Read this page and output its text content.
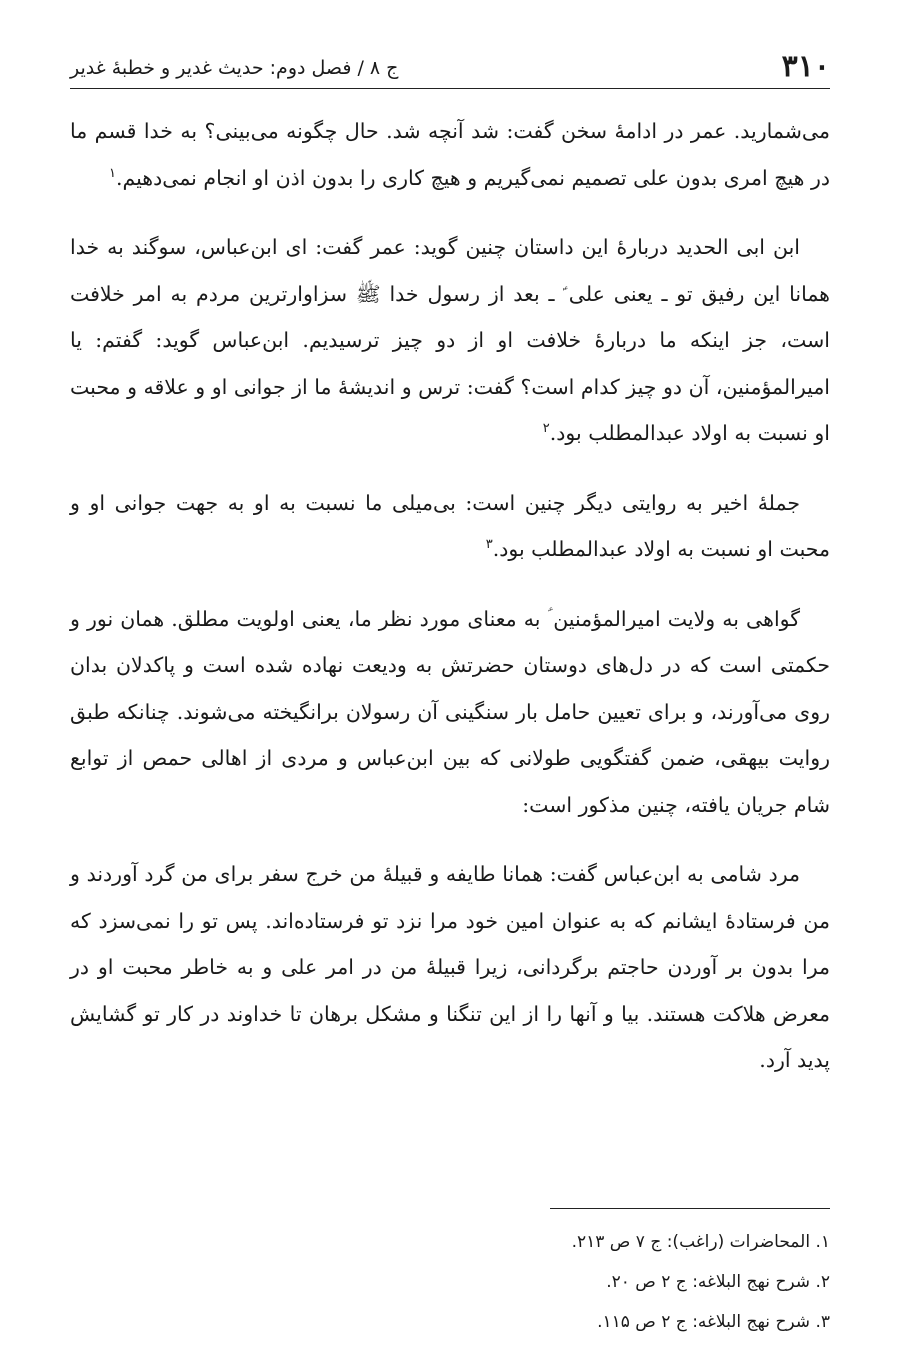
۳۱۰
ج ۸ / فصل دوم: حدیث غدیر و خطبهٔ غدیر

می‌شمارید. عمر در ادامهٔ سخن گفت: شد آنچه شد. حال چگونه می‌بینی؟ به خدا قسم ما در هیچ امری بدون علی تصمیم نمی‌گیریم و هیچ کاری را بدون اذن او انجام نمی‌دهیم.$^۱$

ابن ابی الحدید دربارهٔ این داستان چنین گوید: عمر گفت: ای ابن‌عباس، سوگند به خدا همانا این رفیق تو ـ یعنی علی ؑ ـ بعد از رسول خدا ﷺ سزاوارترین مردم به امر خلافت است، جز اینکه ما دربارهٔ خلافت او از دو چیز ترسیدیم. ابن‌عباس گوید: گفتم: یا امیرالمؤمنین، آن دو چیز کدام است؟ گفت: ترس و اندیشهٔ ما از جوانی او و علاقه و محبت او نسبت به اولاد عبدالمطلب بود.$^۲$

جملهٔ اخیر به روایتی دیگر چنین است: بی‌میلی ما نسبت به او به جهت جوانی او و محبت او نسبت به اولاد عبدالمطلب بود.$^۳$

گواهی به ولایت امیرالمؤمنین ؑ به معنای مورد نظر ما، یعنی اولویت مطلق. همان نور و حکمتی است که در دل‌های دوستان حضرتش به ودیعت نهاده شده است و پاکدلان بدان روی می‌آورند، و برای تعیین حامل بار سنگینی آن رسولان برانگیخته می‌شوند. چنانکه طبق روایت بیهقی، ضمن گفتگویی طولانی که بین ابن‌عباس و مردی از اهالی حمص از توابع شام جریان یافته، چنین مذکور است:

مرد شامی به ابن‌عباس گفت: همانا طایفه و قبیلهٔ من خرج سفر برای من گرد آوردند و من فرستادهٔ ایشانم که به عنوان امین خود مرا نزد تو فرستاده‌اند. پس تو را نمی‌سزد که مرا بدون بر آوردن حاجتم برگردانی، زیرا قبیلهٔ من در امر علی و به خاطر محبت او در معرض هلاکت هستند. بیا و آنها را از این تنگنا و مشکل برهان تا خداوند در کار تو گشایش پدید آرد.

۱. المحاضرات (راغب): ج ۷ ص ۲۱۳.
۲. شرح نهج البلاغه: ج ۲ ص ۲۰.
۳. شرح نهج البلاغه: ج ۲ ص ۱۱۵.
